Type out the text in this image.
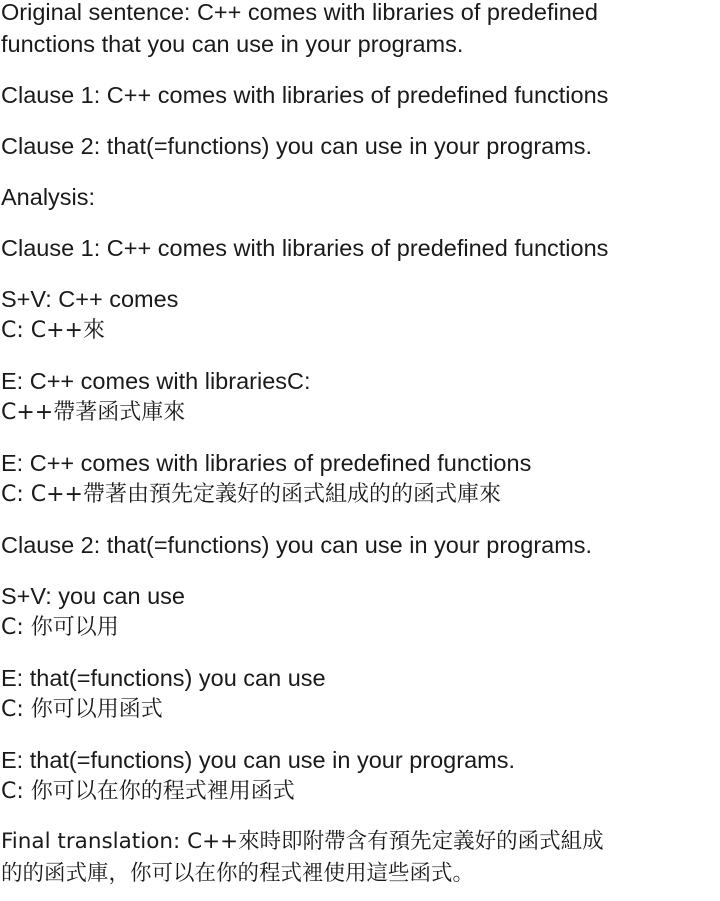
Original sentence: C++ comes with libraries of predefined
functions that you can use in your programs.
Clause 1: C++ comes with libraries of predefined functions
Clause 2: that(=functions) you can use in your programs.
Analysis:
Clause 1: C++ comes with libraries of predefined functions
S+V: C++ comes
C: C++來
E: C++ comes with librariesC:
C++帶著函式庫來
E: C++ comes with libraries of predefined functions
C: C++帶著由預先定義好的函式組成的的函式庫來
Clause 2: that(=functions) you can use in your programs.
S+V: you can use
C: 你可以用
E: that(=functions) you can use
C: 你可以用函式
E: that(=functions) you can use in your programs.
C: 你可以在你的程式裡用函式
Final translation: C++來時即附帶含有預先定義好的函式組成
的的函式庫，你可以在你的程式裡使用這些函式。
